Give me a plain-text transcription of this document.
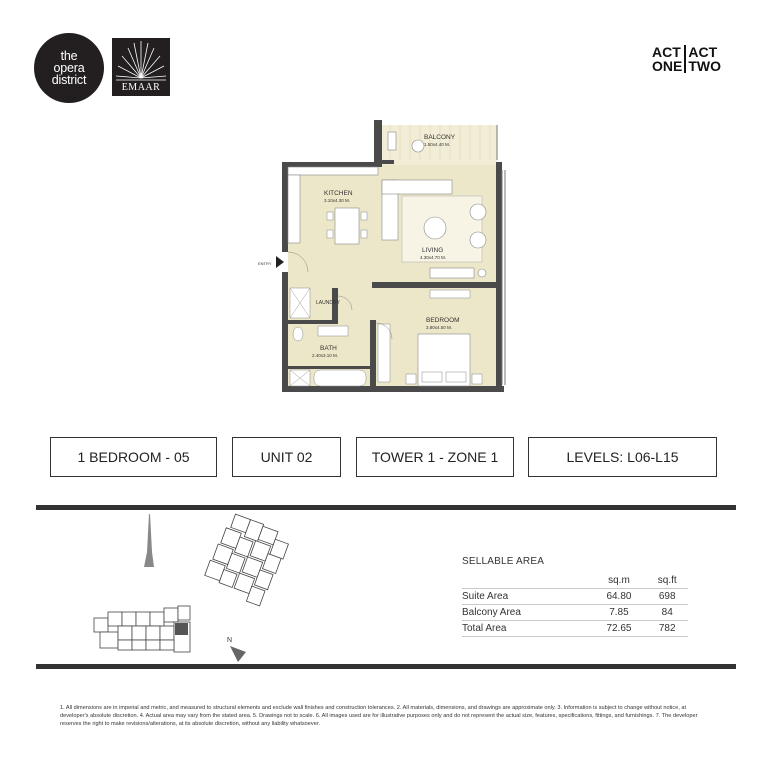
the
opera
district
EMAAR
ACT ACT
ONE TWO
ENTRY
BALCONY
1.50x4.40 M.
KITCHEN
3.10x4.30 M.
LIVING
4.30x4.70 M.
LAUNDRY
BEDROOM
3.80x4.50 M.
BATH
2.40x3.10 M.
1 BEDROOM - 05	UNIT 02	TOWER 1 - ZONE 1	LEVELS: L06-L15
N
SELLABLE AREA
	sq.m	sq.ft
Suite Area	64.80	698
Balcony Area	7.85	84
Total Area	72.65	782
1. All dimensions are in imperial and metric, and measured to structural elements and exclude wall finishes and construction tolerances. 2. All materials, dimensions, and drawings are approximate only. 3. Information is subject to change without notice, at developer's absolute discretion. 4. Actual area may vary from the stated area. 5. Drawings not to scale. 6. All images used are for illustrative purposes only and do not represent the actual size, features, specifications, fittings, and furnishings. 7. The developer reserves the right to make revisions/alterations, at its absolute discretion, without any liability whatsoever.
